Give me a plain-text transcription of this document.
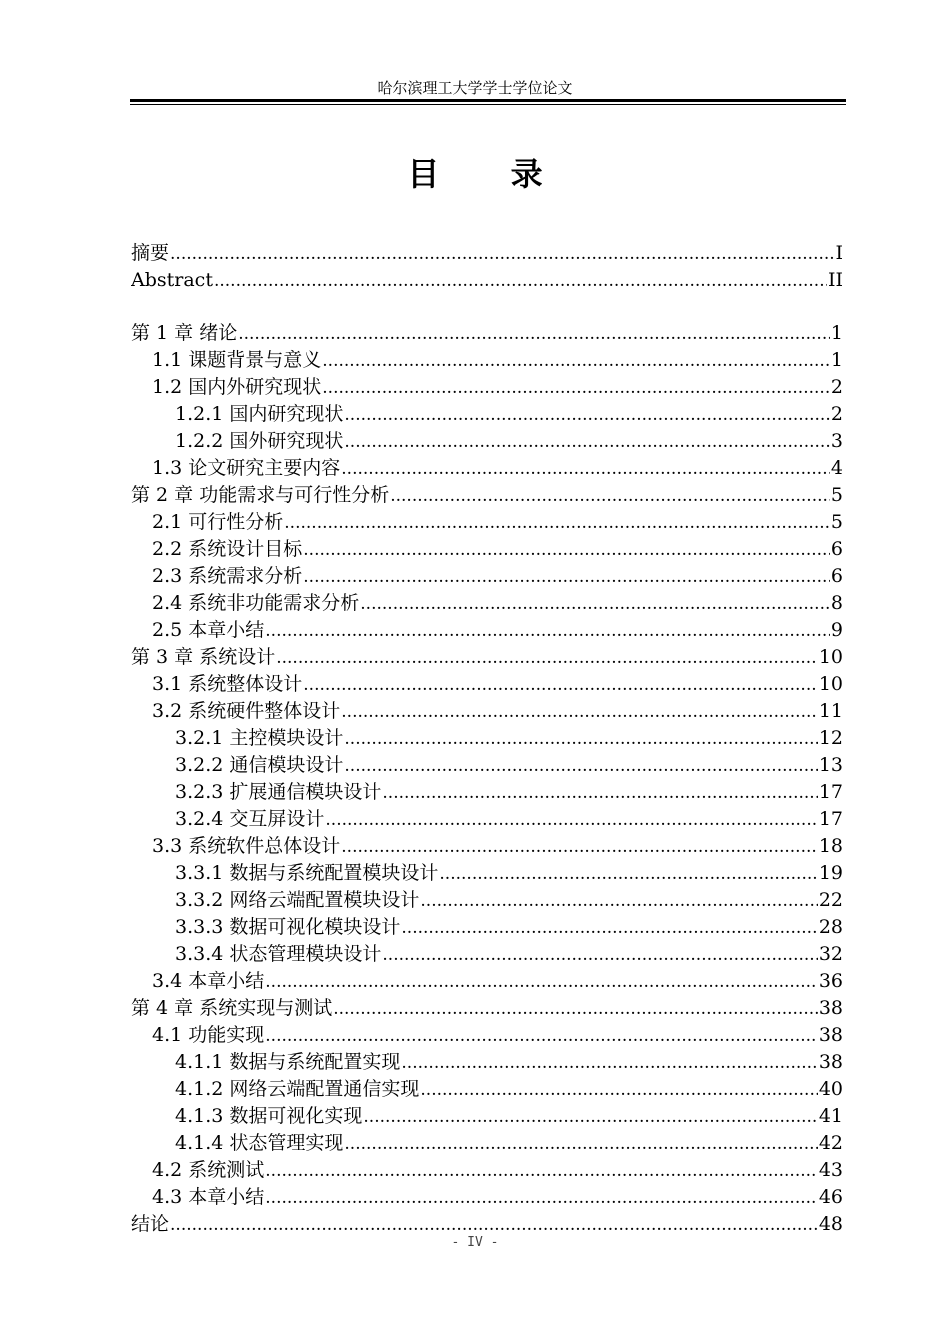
哈尔滨理工大学学士学位论文
目 录
摘要 .....	I
Abstract .....	II
第 1 章 绪论 .....	1
1.1 课题背景与意义 .....	1
1.2 国内外研究现状 .....	2
1.2.1 国内研究现状 .....	2
1.2.2 国外研究现状 .....	3
1.3 论文研究主要内容 .....	4
第 2 章 功能需求与可行性分析 .....	5
2.1 可行性分析 .....	5
2.2 系统设计目标 .....	6
2.3 系统需求分析 .....	6
2.4 系统非功能需求分析 .....	8
2.5 本章小结 .....	9
第 3 章 系统设计 .....	10
3.1 系统整体设计 .....	10
3.2 系统硬件整体设计 .....	11
3.2.1 主控模块设计 .....	12
3.2.2 通信模块设计 .....	13
3.2.3 扩展通信模块设计 .....	17
3.2.4 交互屏设计 .....	17
3.3 系统软件总体设计 .....	18
3.3.1 数据与系统配置模块设计 .....	19
3.3.2 网络云端配置模块设计 .....	22
3.3.3 数据可视化模块设计 .....	28
3.3.4 状态管理模块设计 .....	32
3.4 本章小结 .....	36
第 4 章 系统实现与测试 .....	38
4.1 功能实现 .....	38
4.1.1 数据与系统配置实现 .....	38
4.1.2 网络云端配置通信实现 .....	40
4.1.3 数据可视化实现 .....	41
4.1.4 状态管理实现 .....	42
4.2 系统测试 .....	43
4.3 本章小结 .....	46
结论 .....	48
- IV -
